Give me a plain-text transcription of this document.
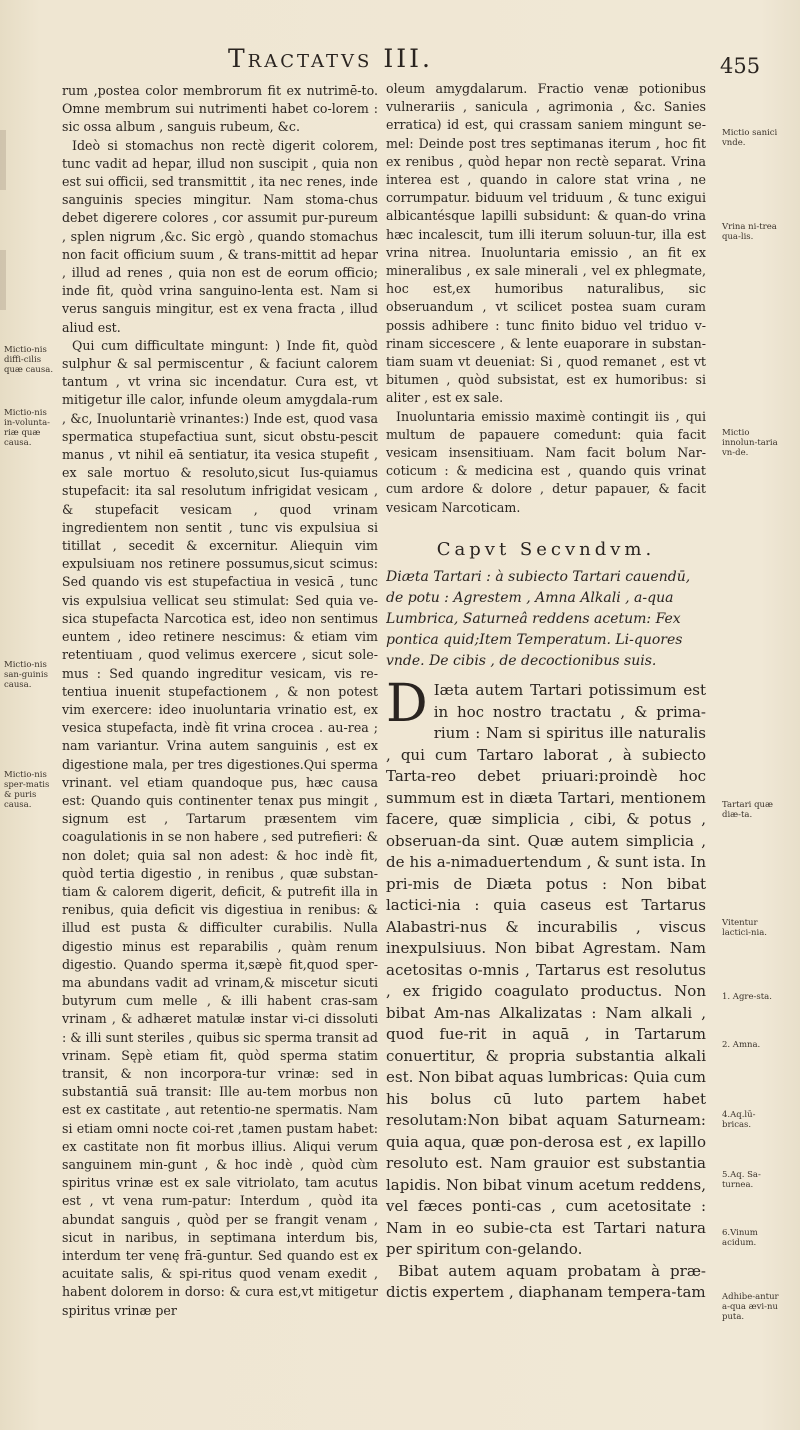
Tractatvs III.	455
Mictio-nis diffi-cilis quæ causa.
Mictio-nis in-volunta-riæ quæ causa.
Mictio-nis san-guinis causa.
Mictio-nis sper-matis & puris causa.

rum ,postea color membrorum fit ex nutrimē-to. Omne membrum sui nutrimenti habet co-lorem : sic ossa album , sanguis rubeum, &c.

Ideò si stomachus non rectè digerit colorem, tunc vadit ad hepar, illud non suscipit , quia non est sui officii, sed transmittit , ita nec renes, inde sanguinis species mingitur. Nam stoma-chus debet digerere colores , cor assumit pur-pureum , splen nigrum ,&c. Sic ergò , quando stomachus non facit officium suum , & trans-mittit ad hepar , illud ad renes , quia non est de eorum officio; inde fit, quòd vrina sanguino-lenta est. Nam si verus sanguis mingitur, est ex vena fracta , illud aliud est.

Qui cum difficultate mingunt: ) Inde fit, quòd sulphur & sal permiscentur , & faciunt calorem tantum , vt vrina sic incendatur. Cura est, vt mitigetur ille calor, infunde oleum amygdala-rum , &c, Inuoluntariè vrinantes:) Inde est, quod vasa spermatica stupefactiua sunt, sicut obstu-pescit manus , vt nihil eā sentiatur, ita vesica stupefit , ex sale mortuo & resoluto,sicut Ius-quiamus stupefacit: ita sal resolutum infrigidat vesicam , & stupefacit vesicam , quod vrinam ingredientem non sentit , tunc vis expulsiua si titillat , secedit & excernitur. Aliequin vim expulsiuam nos retinere possumus,sicut scimus: Sed quando vis est stupefactiua in vesicā , tunc vis expulsiua vellicat seu stimulat: Sed quia ve-sica stupefacta Narcotica est, ideo non sentimus euntem , ideo retinere nescimus: & etiam vim retentiuam , quod velimus exercere , sicut sole-mus : Sed quando ingreditur vesicam, vis re-tentiua inuenit stupefactionem , & non potest vim exercere: ideo inuoluntaria vrinatio est, ex vesica stupefacta, indè fit vrina crocea . au-rea ; nam variantur. Vrina autem sanguinis , est ex digestione mala, per tres digestiones.Qui sperma vrinant. vel etiam quandoque pus, hæc causa est: Quando quis continenter tenax pus mingit , signum est , Tartarum præsentem vim coagulationis in se non habere , sed putrefieri: & non dolet; quia sal non adest: & hoc indè fit, quòd tertia digestio , in renibus , quæ substan-tiam & calorem digerit, deficit, & putrefit illa in renibus, quia deficit vis digestiua in renibus: & illud est pusta & difficulter curabilis. Nulla digestio minus est reparabilis , quàm renum digestio. Quando sperma it,sæpè fit,quod sper-ma abundans vadit ad vrinam,& miscetur sicuti butyrum cum melle , & illi habent cras-sam vrinam , & adhæret matulæ instar vi-ci dissoluti : & illi sunt steriles , quibus sic sperma transit ad vrinam. Sępè etiam fit, quòd sperma statim transit, & non incorpora-tur vrinæ: sed in substantiā suā transit: Ille au-tem morbus non est ex castitate , aut retentio-ne spermatis. Nam si etiam omni nocte coi-ret ,tamen pustam habet: ex castitate non fit morbus illius. Aliqui verum sanguinem min-gunt , & hoc indè , quòd cùm spiritus vrinæ est ex sale vitriolato, tam acutus est , vt vena rum-patur: Interdum , quòd ita abundat sanguis , quòd per se frangit venam , sicut in naribus, in septimana interdum bis, interdum ter venę frā-guntur. Sed quando est ex acuitate salis, & spi-ritus quod venam exedit , habent dolorem in dorso: & cura est,vt mitigetur spiritus vrinæ per

oleum amygdalarum. Fractio venæ potionibus vulnerariis , sanicula , agrimonia , &c. Sanies erratica) id est, qui crassam saniem mingunt se-mel: Deinde post tres septimanas iterum , hoc fit ex renibus , quòd hepar non rectè separat. Vrina interea est , quando in calore stat vrina , ne corrumpatur. biduum vel triduum , & tunc exigui albicantésque lapilli subsidunt: & quan-do vrina hæc incalescit, tum illi iterum soluun-tur, illa est vrina nitrea. Inuoluntaria emissio , an fit ex mineralibus , ex sale minerali , vel ex phlegmate, hoc est,ex humoribus naturalibus, sic obseruandum , vt scilicet postea suam curam possis adhibere : tunc finito biduo vel triduo v-rinam siccescere , & lente euaporare in substan-tiam suam vt deueniat: Si , quod remanet , est vt bitumen , quòd subsistat, est ex humoribus: si aliter , est ex sale.

Inuoluntaria emissio maximè contingit iis , qui multum de papauere comedunt: quia facit vesicam insensitiuam. Nam facit bolum Nar-coticum : & medicina est , quando quis vrinat cum ardore & dolore , detur papauer, & facit vesicam Narcoticam.

Capvt Secvndvm.

Diæta Tartari : à subiecto Tartari cauendū, de potu : Agrestem , Amna Alkali , a-qua Lumbrica, Saturneâ reddens acetum: Fex pontica quid;Item Temperatum. Li-quores vnde. De cibis , de decoctionibus suis.

D Iæta autem Tartari potissimum est in hoc nostro tractatu , & prima-rium : Nam si spiritus ille naturalis , qui cum Tartaro laborat , à subiecto Tarta-reo debet priuari:proindè hoc summum est in diæta Tartari, mentionem facere, quæ simplicia , cibi, & potus , obseruan-da sint. Quæ autem simplicia , de his a-nimaduertendum , & sunt ista. In pri-mis de Diæta potus : Non bibat lactici-nia : quia caseus est Tartarus Alabastri-nus & incurabilis , viscus inexpulsiuus. Non bibat Agrestam. Nam acetositas o-mnis , Tartarus est resolutus , ex frigido coagulato productus. Non bibat Am-nas Alkalizatas : Nam alkali , quod fue-rit in aquā , in Tartarum conuertitur, & propria substantia alkali est. Non bibat aquas lumbricas: Quia cum his bolus cū luto partem habet resolutam:Non bibat aquam Saturneam: quia aqua, quæ pon-derosa est , ex lapillo resoluto est. Nam grauior est substantia lapidis. Non bibat vinum acetum reddens, vel fæces ponti-cas , cum acetositate : Nam in eo subie-cta est Tartari natura per spiritum con-gelando.

Bibat autem aquam probatam à præ-dictis expertem , diaphanam tempera-tam

Mictio sanici vnde.
Vrina ni-trea qua-lis.
Mictio innolun-taria vn-de.
Tartari quæ diæ-ta.
Vitentur lactici-nia.
1. Agre-sta.
2. Amna.
4.Aq.lū-bricas.
5.Aq. Sa-turnea.
6.Vinum acidum.
Adhibe-antur a-qua ævi-nu puta.
